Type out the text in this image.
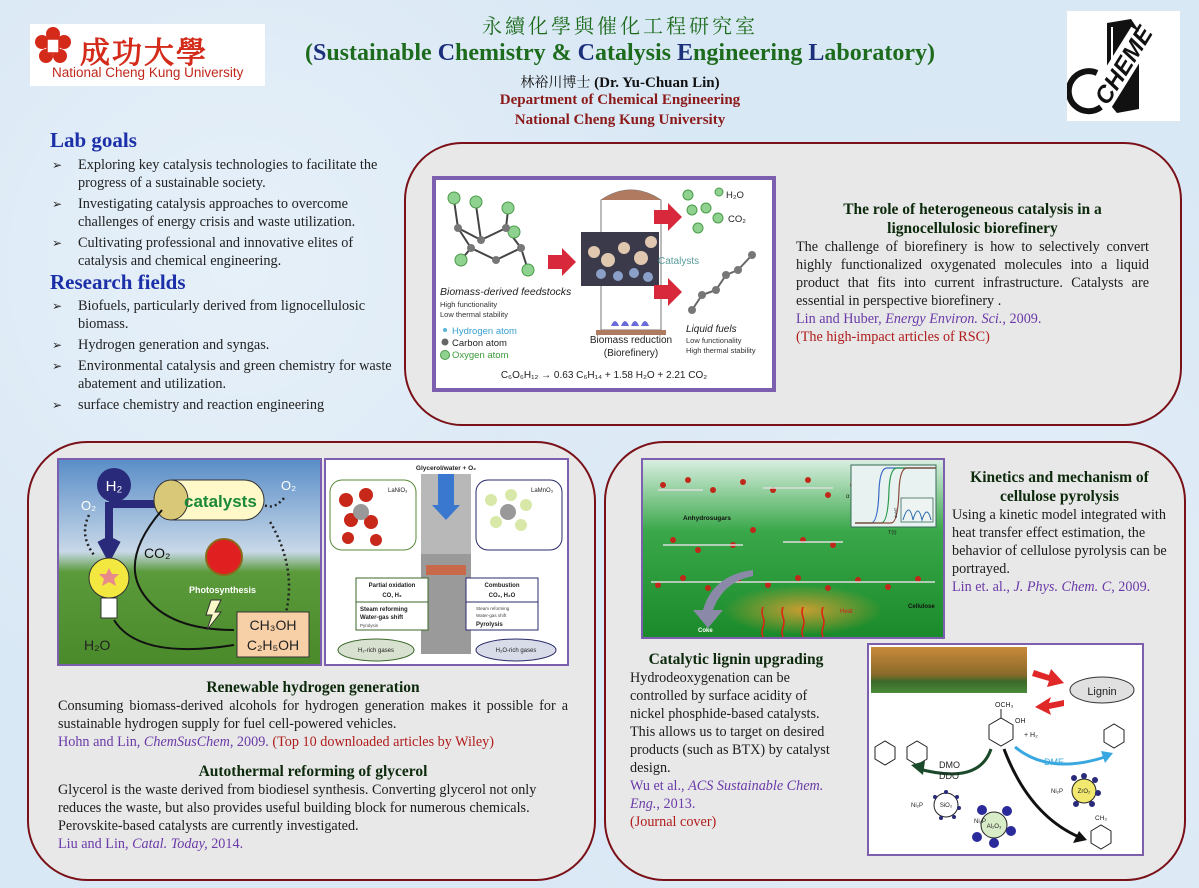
成功大學
National Cheng Kung University
永續化學與催化工程研究室
(Sustainable Chemistry & Catalysis Engineering Laboratory)
林裕川博士 (Dr. Yu-Chuan Lin)
Department of Chemical Engineering
National Cheng Kung University
CHEME
Lab goals
➢ Exploring key catalysis technologies to facilitate the progress of a sustainable society.
➢ Investigating catalysis approaches to overcome challenges of energy crisis and waste utilization.
➢ Cultivating professional and innovative elites of catalysis and chemical engineering.
Research fields
➢ Biofuels, particularly derived from lignocellulosic biomass.
➢ Hydrogen generation and syngas.
➢ Environmental catalysis and green chemistry for waste abatement and utilization.
➢ surface chemistry and reaction engineering
Biomass-derived feedstocks
High functionality
Low thermal stability
Hydrogen atom
Carbon atom
Oxygen atom
Biomass reduction
(Biorefinery)
Catalysts
H₂O
CO₂
Liquid fuels
Low functionality
High thermal stability
C₆O₆H₁₂ → 0.63 C₆H₁₄ + 1.58 H₂O + 2.21 CO₂
The role of heterogeneous catalysis in a
lignocellulosic biorefinery
The challenge of biorefinery is how to selectively convert highly functionalized oxygenated molecules into a liquid product that fits into current infrastructure. Catalysts are essential in perspective biorefinery .
Lin and Huber, Energy Environ. Sci., 2009.
(The high-impact articles of RSC)
H₂
catalysts
O₂
O₂
CO₂
Photosynthesis
CH₃OH
C₂H₅OH
H₂O
Glycerol/water + O₂
LaNiO₃	LaMnO₃
Partial oxidation
CO, H₂
Steam reforming
Water-gas shift
Pyrolysis
Combustion
CO₂, H₂O
Steam reforming
Water-gas shift
Pyrolysis
H₂-rich gases	H₂O-rich gases
Renewable hydrogen generation
Consuming biomass-derived alcohols for hydrogen generation makes it possible for a sustainable hydrogen supply for fuel cell-powered vehicles.
Hohn and Lin, ChemSusChem, 2009. (Top 10 downloaded articles by Wiley)
Autothermal reforming of glycerol
Glycerol is the waste derived from biodiesel synthesis. Converting glycerol not only reduces the waste, but also provides useful building block for numerous chemicals. Perovskite-based catalysts are currently investigated.
Liu and Lin, Catal. Today, 2014.
Anhydrosugars
Heat
Cellulose
Coke
α
T(t)
dα/dT
Kinetics and mechanism of
cellulose pyrolysis
Using a kinetic model integrated with heat transfer effect estimation, the behavior of cellulose pyrolysis can be portrayed.
Lin et. al., J. Phys. Chem. C, 2009.
Catalytic lignin upgrading
Hydrodeoxygenation can be controlled by surface acidity of nickel phosphide-based catalysts. This allows us to target on desired products (such as BTX) by catalyst design.
Wu et al., ACS Sustainable Chem. Eng., 2013.
(Journal cover)
Lignin
OCH₃
OH
+ H₂
DMO
DDO
DME
CH₃
SiO₂
Ni₂P
Al₂O₃
Ni₂P
ZrO₂
Ni₂P
